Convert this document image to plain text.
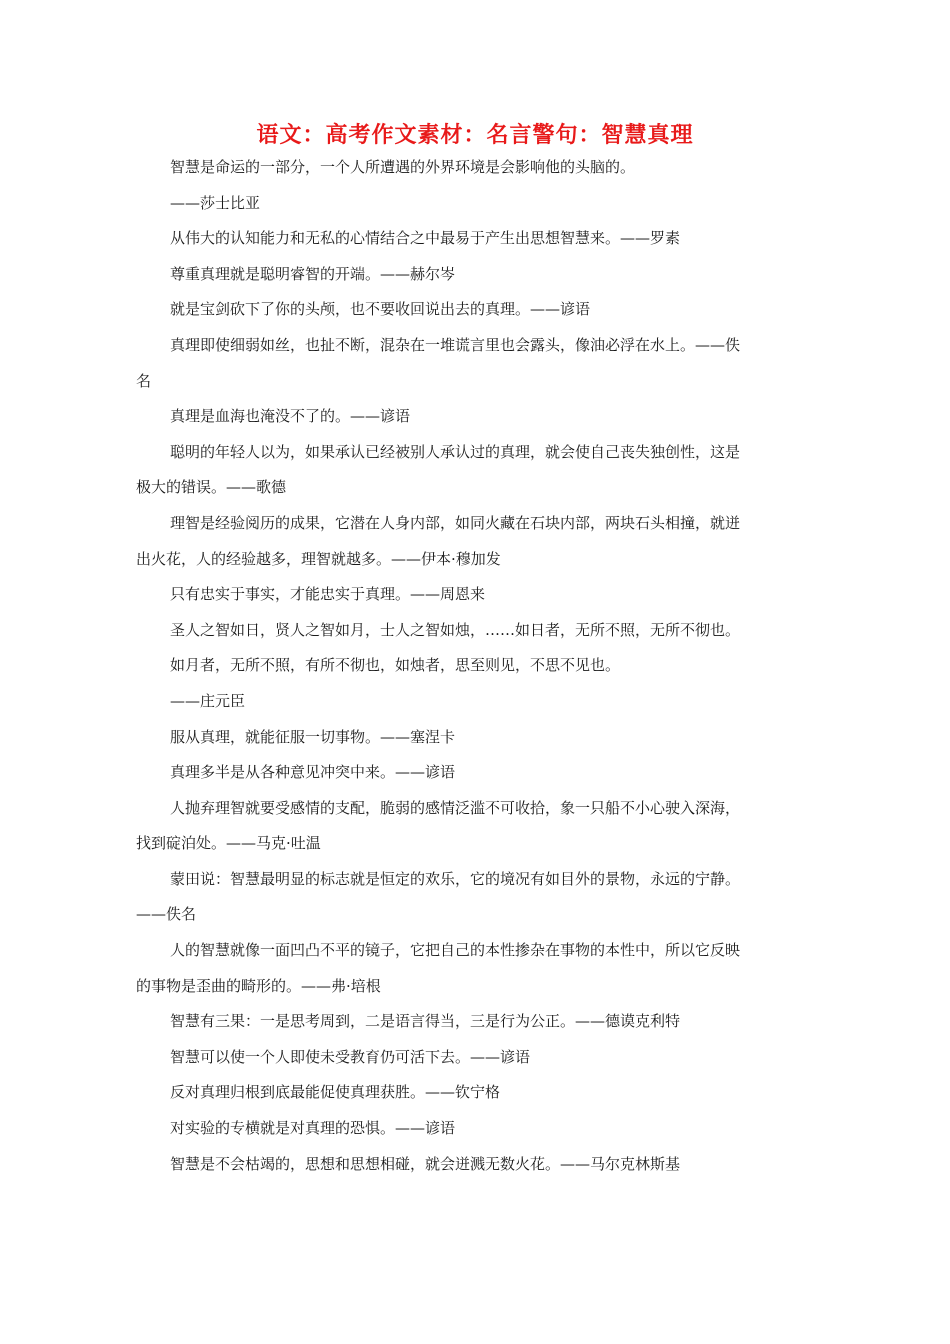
语文：高考作文素材：名言警句：智慧真理

智慧是命运的一部分，一个人所遭遇的外界环境是会影响他的头脑的。

——莎士比亚

从伟大的认知能力和无私的心情结合之中最易于产生出思想智慧来。——罗素

尊重真理就是聪明睿智的开端。——赫尔岑

就是宝剑砍下了你的头颅，也不要收回说出去的真理。——谚语

真理即使细弱如丝，也扯不断，混杂在一堆谎言里也会露头，像油必浮在水上。——佚

名

真理是血海也淹没不了的。——谚语

聪明的年轻人以为，如果承认已经被别人承认过的真理，就会使自己丧失独创性，这是

极大的错误。——歌德

理智是经验阅历的成果，它潜在人身内部，如同火藏在石块内部，两块石头相撞，就迸

出火花，人的经验越多，理智就越多。——伊本·穆加发

只有忠实于事实，才能忠实于真理。——周恩来

圣人之智如日，贤人之智如月，士人之智如烛，……如日者，无所不照，无所不彻也。

如月者，无所不照，有所不彻也，如烛者，思至则见，不思不见也。

——庄元臣

服从真理，就能征服一切事物。——塞涅卡

真理多半是从各种意见冲突中来。——谚语

人抛弃理智就要受感情的支配，脆弱的感情泛滥不可收拾，象一只船不小心驶入深海，

找到碇泊处。——马克·吐温

蒙田说：智慧最明显的标志就是恒定的欢乐，它的境况有如目外的景物，永远的宁静。

——佚名

人的智慧就像一面凹凸不平的镜子，它把自己的本性掺杂在事物的本性中，所以它反映

的事物是歪曲的畸形的。——弗·培根

智慧有三果：一是思考周到，二是语言得当，三是行为公正。——德谟克利特

智慧可以使一个人即使未受教育仍可活下去。——谚语

反对真理归根到底最能促使真理获胜。——钦宁格

对实验的专横就是对真理的恐惧。——谚语

智慧是不会枯竭的，思想和思想相碰，就会迸溅无数火花。——马尔克林斯基
